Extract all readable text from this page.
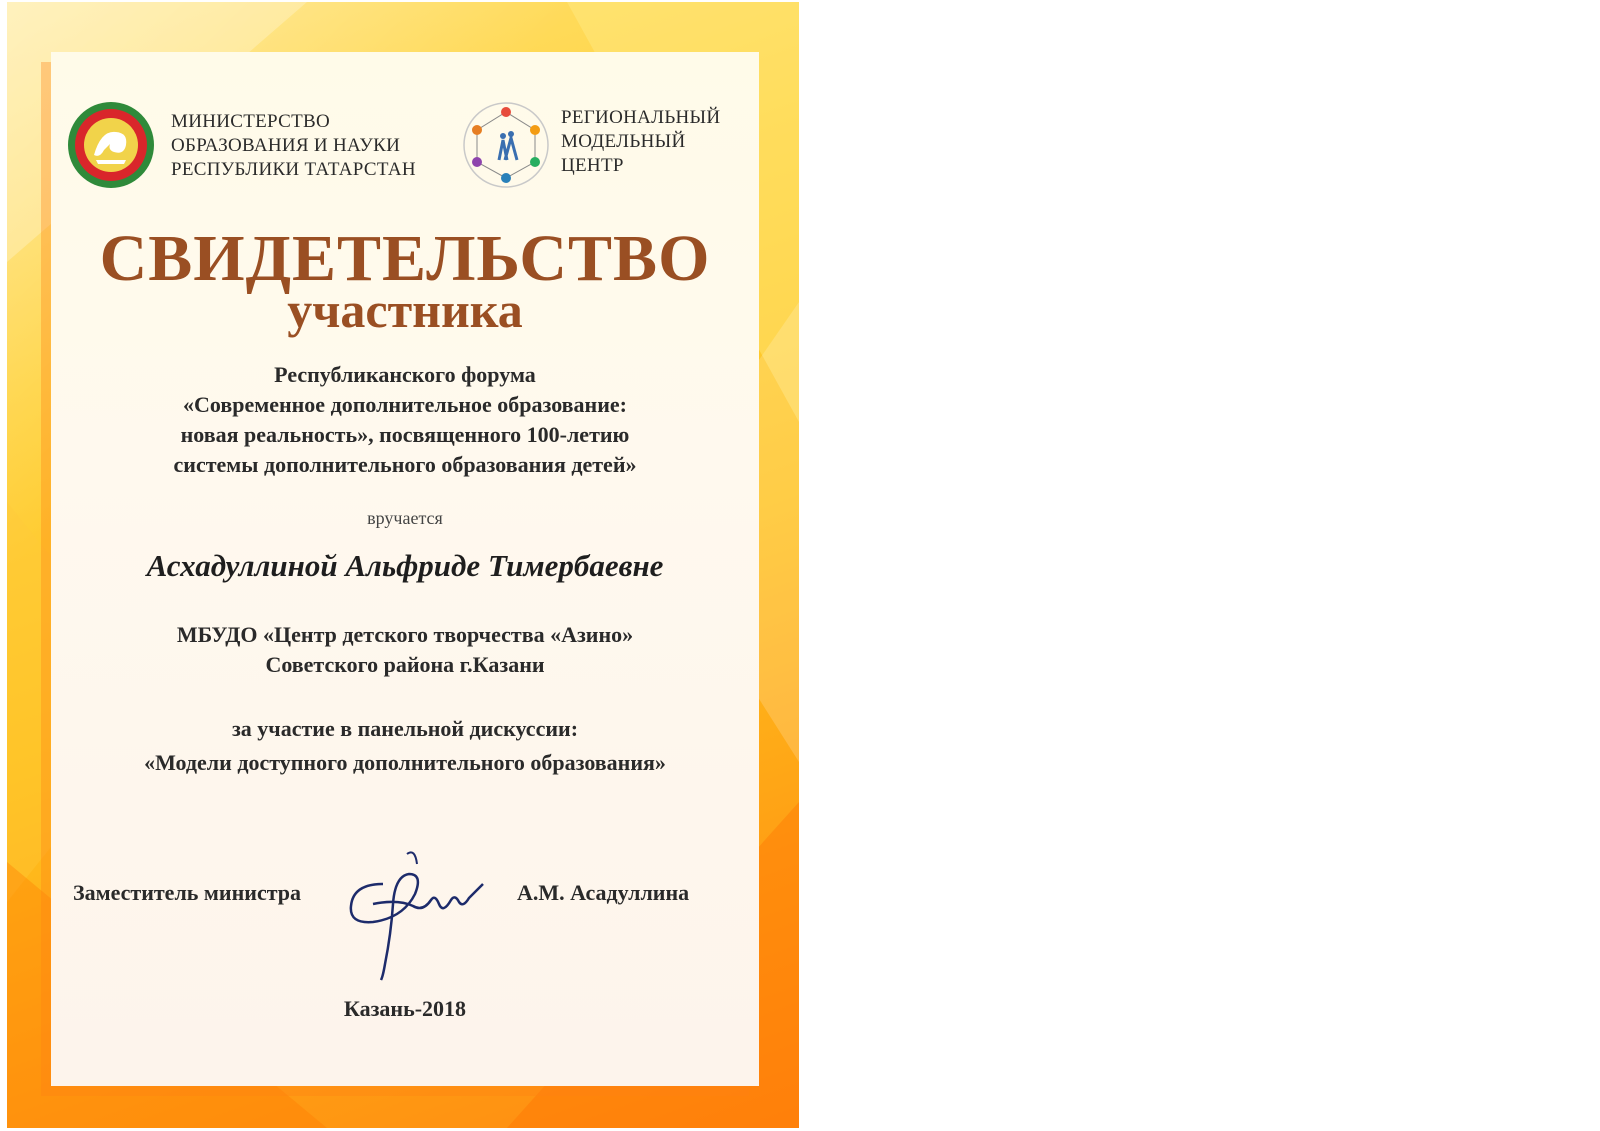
МИНИСТЕРСТВО
ОБРАЗОВАНИЯ И НАУКИ
РЕСПУБЛИКИ ТАТАРСТАН
РЕГИОНАЛЬНЫЙ
МОДЕЛЬНЫЙ
ЦЕНТР
СВИДЕТЕЛЬСТВО
участника
Республиканского форума
«Современное дополнительное образование:
новая реальность», посвященного 100-летию
системы дополнительного образования детей»
вручается
Асхадуллиной Альфриде Тимербаевне
МБУДО «Центр детского творчества «Азино»
Советского района г.Казани
за участие в панельной дискуссии:
«Модели доступного дополнительного образования»
Заместитель министра	А.М. Асадуллина
Казань-2018
